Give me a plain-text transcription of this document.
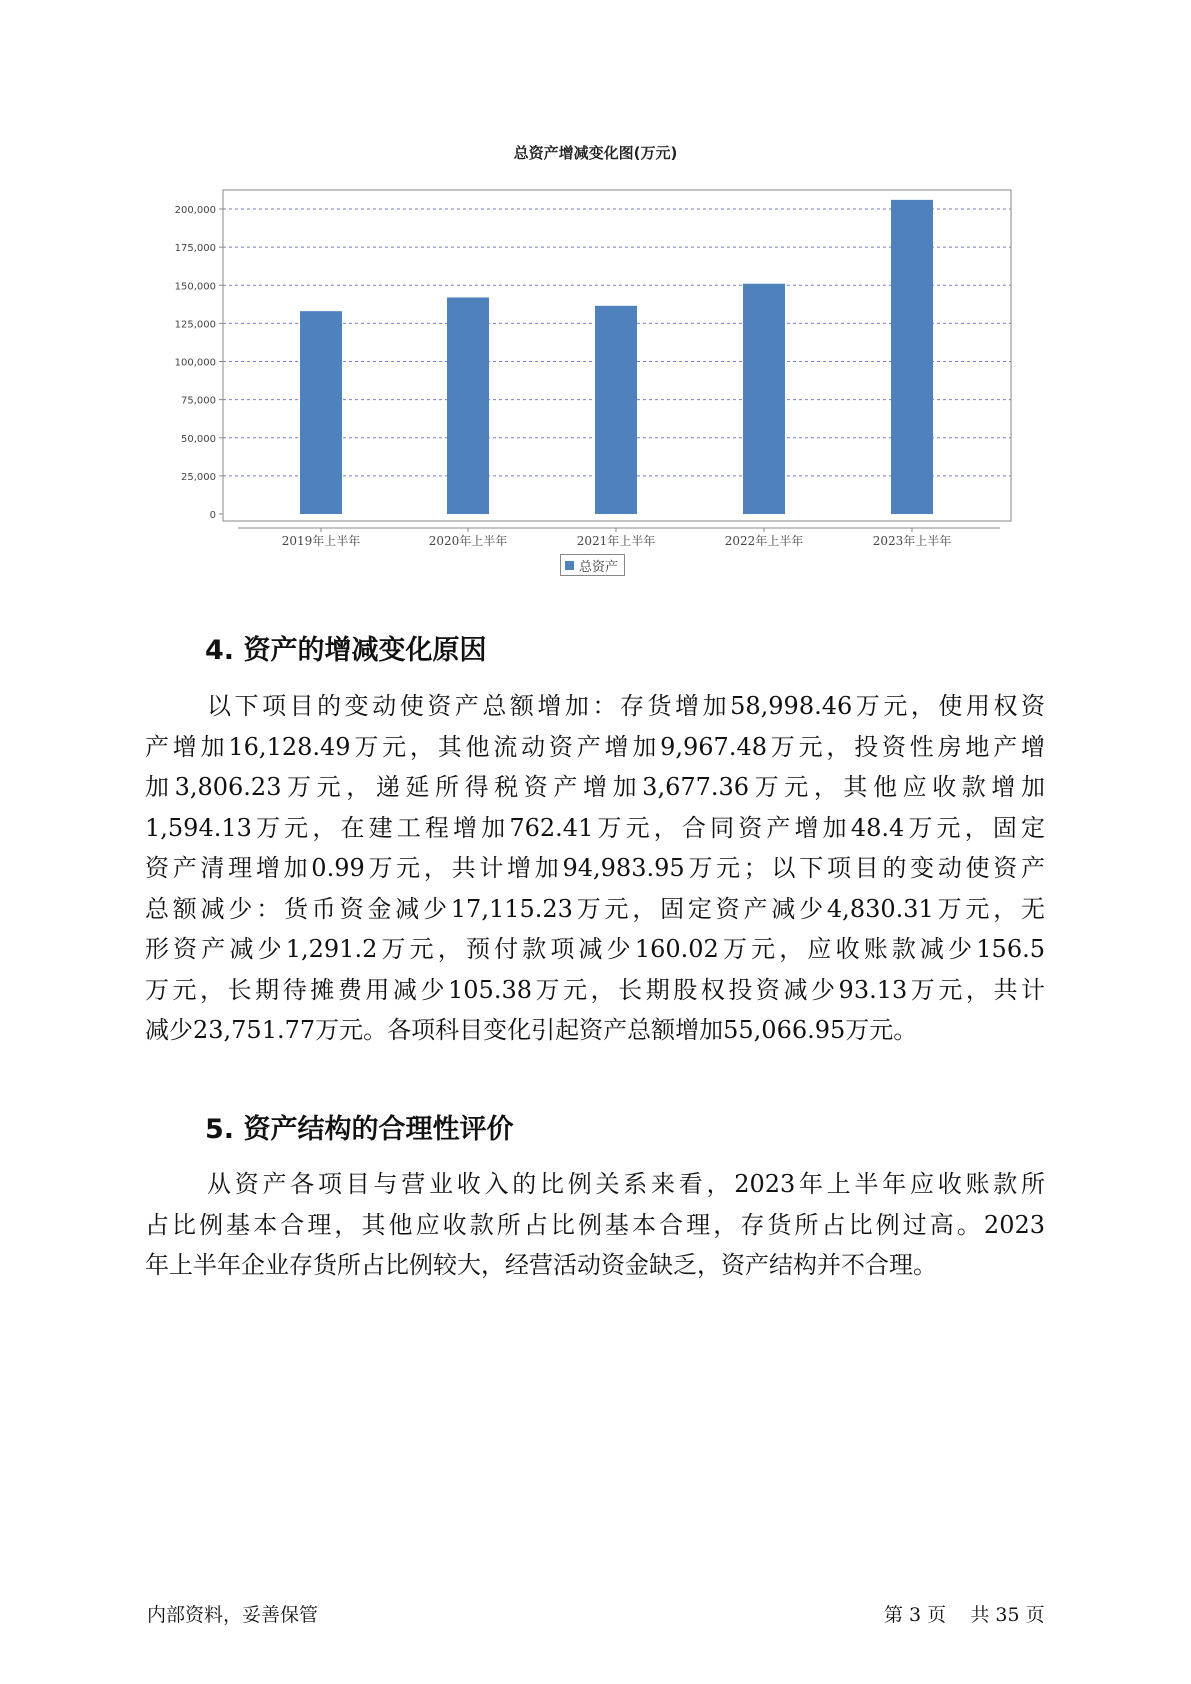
总资产增减变化图(万元)
0
25,000
50,000
75,000
100,000
125,000
150,000
175,000
200,000
2019年上半年	2020年上半年	2021年上半年	2022年上半年	2023年上半年
总资产
4. 资产的增减变化原因
以下项目的变动使资产总额增加：存货增加58,998.46万元，使用权资
产增加16,128.49万元，其他流动资产增加9,967.48万元，投资性房地产增
加3,806.23万元，递延所得税资产增加3,677.36万元，其他应收款增加
1,594.13万元，在建工程增加762.41万元，合同资产增加48.4万元，固定
资产清理增加0.99万元，共计增加94,983.95万元；以下项目的变动使资产
总额减少：货币资金减少17,115.23万元，固定资产减少4,830.31万元，无
形资产减少1,291.2万元，预付款项减少160.02万元，应收账款减少156.5
万元，长期待摊费用减少105.38万元，长期股权投资减少93.13万元，共计
减少23,751.77万元。各项科目变化引起资产总额增加55,066.95万元。
5. 资产结构的合理性评价
从资产各项目与营业收入的比例关系来看，2023年上半年应收账款所
占比例基本合理，其他应收款所占比例基本合理，存货所占比例过高。2023
年上半年企业存货所占比例较大，经营活动资金缺乏，资产结构并不合理。
内部资料，妥善保管	第 3 页    共 35 页
